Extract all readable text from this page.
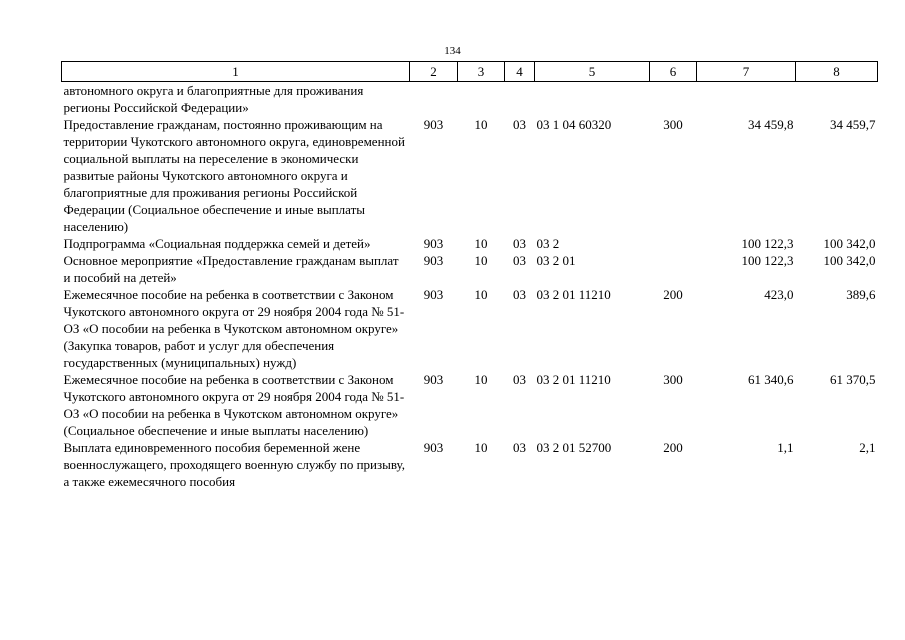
134
1	2	3	4	5	6	7	8
автономного округа и благоприятные для проживания регионы Российской Федерации»							
Предоставление гражданам, постоянно проживающим на территории Чукотского автономного округа, единовременной социальной выплаты на переселение в экономически развитые районы Чукотского автономного округа и благоприятные для проживания регионы Российской Федерации (Социальное обеспечение и иные выплаты населению)	903	10	03	03 1 04 60320	300	34 459,8	34 459,7
Подпрограмма «Социальная поддержка семей и детей»	903	10	03	03 2		100 122,3	100 342,0
Основное мероприятие «Предоставление гражданам выплат и пособий на детей»	903	10	03	03 2 01		100 122,3	100 342,0
Ежемесячное пособие на ребенка в соответствии с Законом Чукотского автономного округа от 29 ноября 2004 года № 51-ОЗ «О пособии на ребенка в Чукотском автономном округе» (Закупка товаров, работ и услуг для обеспечения государственных (муниципальных) нужд)	903	10	03	03 2 01 11210	200	423,0	389,6
Ежемесячное пособие на ребенка в соответствии с Законом Чукотского автономного округа от 29 ноября 2004 года № 51-ОЗ «О пособии на ребенка в Чукотском автономном округе» (Социальное обеспечение и иные выплаты населению)	903	10	03	03 2 01 11210	300	61 340,6	61 370,5
Выплата единовременного пособия беременной жене военнослужащего, проходящего военную службу по призыву, а также ежемесячного пособия	903	10	03	03 2 01 52700	200	1,1	2,1
